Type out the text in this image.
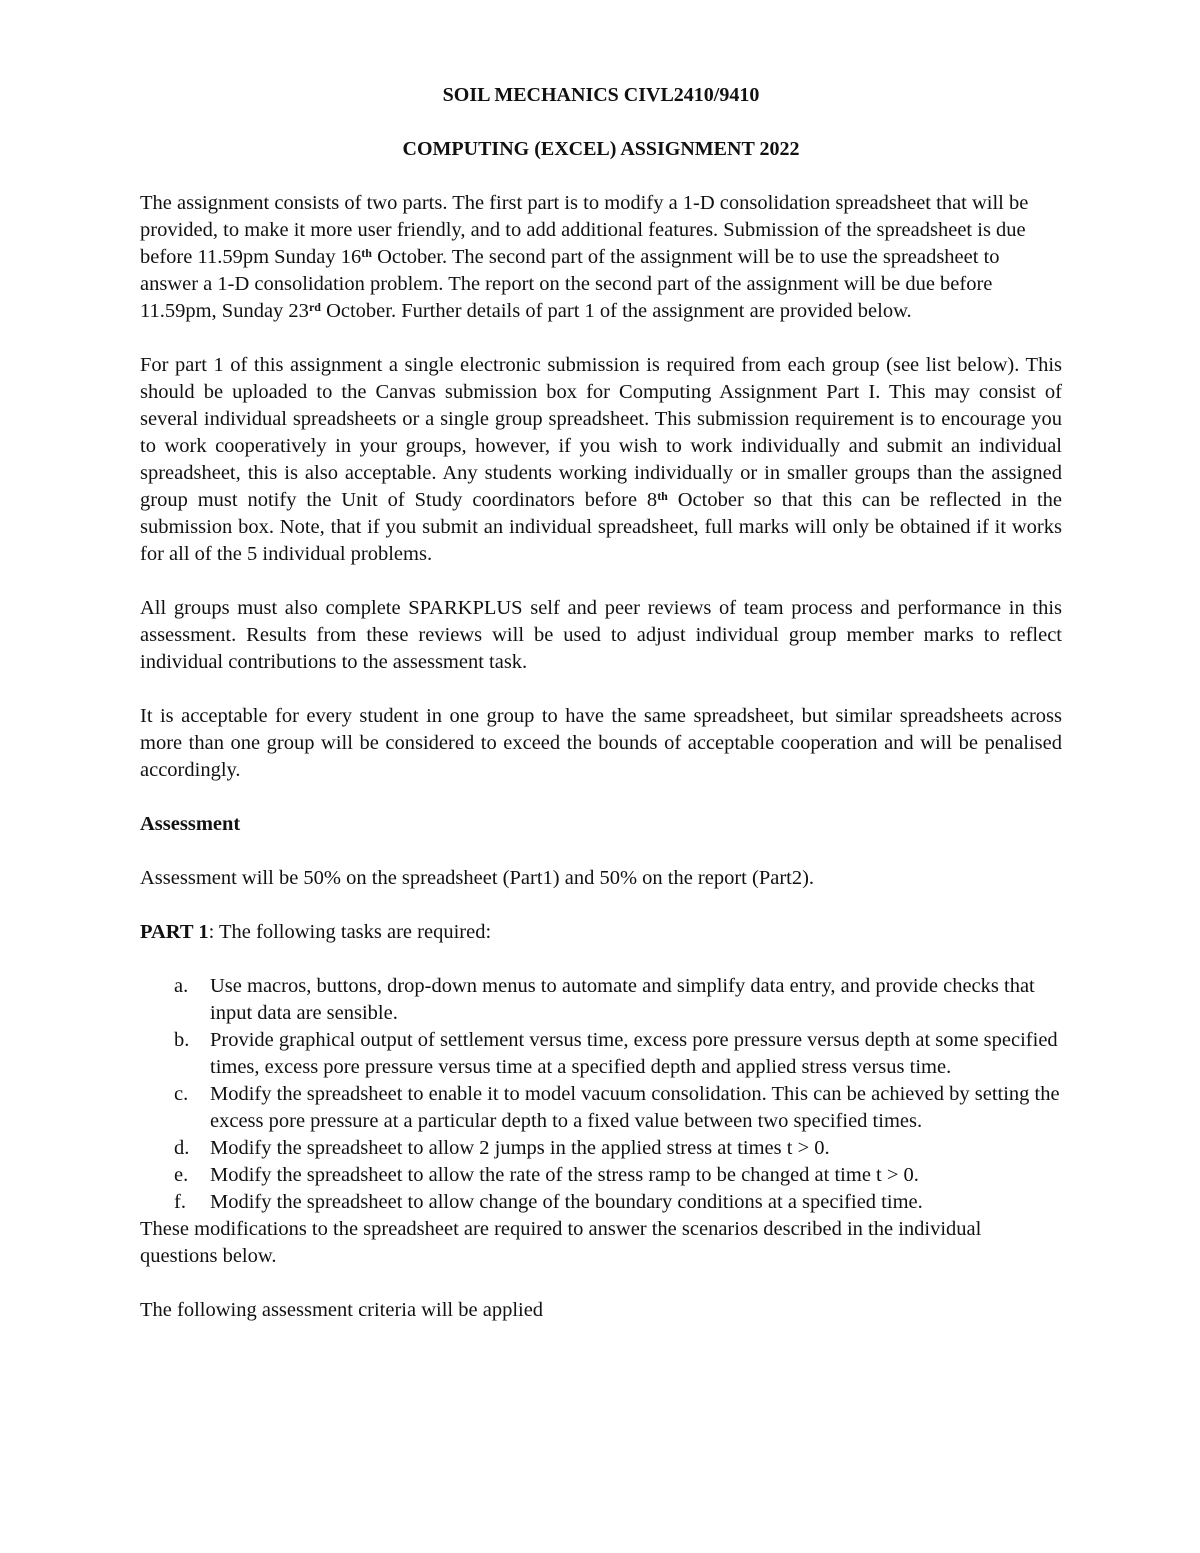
SOIL MECHANICS CIVL2410/9410
COMPUTING (EXCEL) ASSIGNMENT 2022

The assignment consists of two parts. The first part is to modify a 1-D consolidation spreadsheet that will be provided, to make it more user friendly, and to add additional features. Submission of the spreadsheet is due before 11.59pm Sunday 16th October. The second part of the assignment will be to use the spreadsheet to answer a 1-D consolidation problem. The report on the second part of the assignment will be due before 11.59pm, Sunday 23rd October. Further details of part 1 of the assignment are provided below.

For part 1 of this assignment a single electronic submission is required from each group (see list below). This should be uploaded to the Canvas submission box for Computing Assignment Part I. This may consist of several individual spreadsheets or a single group spreadsheet. This submission requirement is to encourage you to work cooperatively in your groups, however, if you wish to work individually and submit an individual spreadsheet, this is also acceptable. Any students working individually or in smaller groups than the assigned group must notify the Unit of Study coordinators before 8th October so that this can be reflected in the submission box. Note, that if you submit an individual spreadsheet, full marks will only be obtained if it works for all of the 5 individual problems.

All groups must also complete SPARKPLUS self and peer reviews of team process and performance in this assessment. Results from these reviews will be used to adjust individual group member marks to reflect individual contributions to the assessment task.

It is acceptable for every student in one group to have the same spreadsheet, but similar spreadsheets across more than one group will be considered to exceed the bounds of acceptable cooperation and will be penalised accordingly.

Assessment

Assessment will be 50% on the spreadsheet (Part1) and 50% on the report (Part2).

PART 1: The following tasks are required:

a. Use macros, buttons, drop-down menus to automate and simplify data entry, and provide checks that input data are sensible.
b. Provide graphical output of settlement versus time, excess pore pressure versus depth at some specified times, excess pore pressure versus time at a specified depth and applied stress versus time.
c. Modify the spreadsheet to enable it to model vacuum consolidation. This can be achieved by setting the excess pore pressure at a particular depth to a fixed value between two specified times.
d. Modify the spreadsheet to allow 2 jumps in the applied stress at times t > 0.
e. Modify the spreadsheet to allow the rate of the stress ramp to be changed at time t > 0.
f. Modify the spreadsheet to allow change of the boundary conditions at a specified time.

These modifications to the spreadsheet are required to answer the scenarios described in the individual questions below.

The following assessment criteria will be applied
